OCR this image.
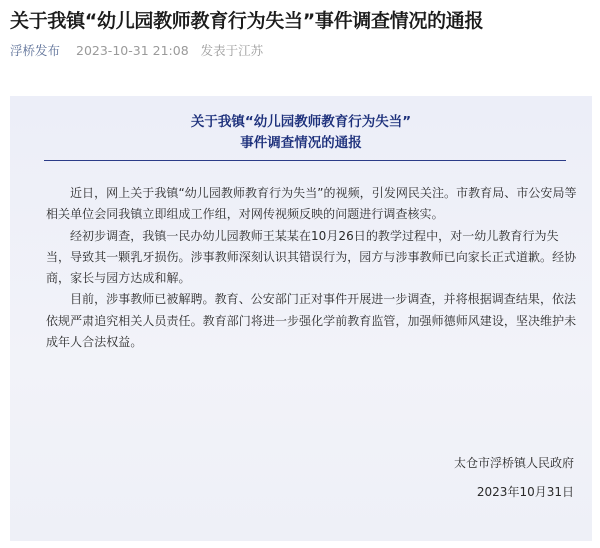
关于我镇“幼儿园教师教育行为失当”事件调查情况的通报
浮桥发布 2023-10-31 21:08 发表于江苏
关于我镇“幼儿园教师教育行为失当”
事件调查情况的通报

近日，网上关于我镇“幼儿园教师教育行为失当”的视频，引发网民关注。市教育局、市公安局等相关单位会同我镇立即组成工作组，对网传视频反映的问题进行调查核实。

经初步调查，我镇一民办幼儿园教师王某某在10月26日的教学过程中，对一幼儿教育行为失当，导致其一颗乳牙损伤。涉事教师深刻认识其错误行为，园方与涉事教师已向家长正式道歉。经协商，家长与园方达成和解。

目前，涉事教师已被解聘。教育、公安部门正对事件开展进一步调查，并将根据调查结果，依法依规严肃追究相关人员责任。教育部门将进一步强化学前教育监管，加强师德师风建设，坚决维护未成年人合法权益。

太仓市浮桥镇人民政府
2023年10月31日
